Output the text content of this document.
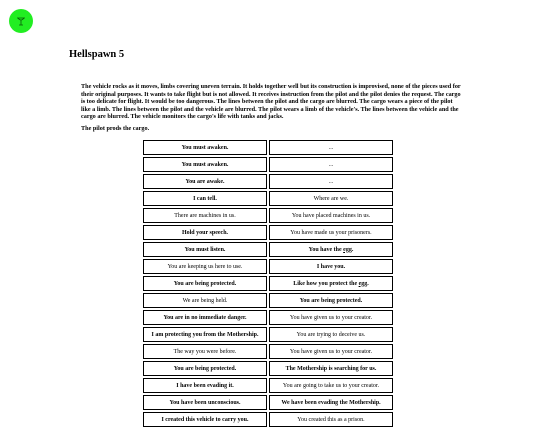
Hellspawn 5

The vehicle rocks as it moves, limbs covering uneven terrain. It holds together well but its construction is improvised, none of the pieces used for their original purposes. It wants to take flight but is not allowed. It receives instruction from the pilot and the pilot denies the request. The cargo is too delicate for flight. It would be too dangerous. The lines between the pilot and the cargo are blurred. The cargo wears a piece of the pilot like a limb. The lines between the pilot and the vehicle are blurred. The pilot wears a limb of the vehicle's. The lines between the vehicle and the cargo are blurred. The vehicle monitors the cargo's life with tanks and jacks.

The pilot prods the cargo.

You must awaken.	...
You must awaken.	...
You are awake.	...
I can tell.	Where are we.
There are machines in us.	You have placed machines in us.
Hold your speech.	You have made us your prisoners.
You must listen.	You have the egg.
You are keeping us here to use.	I have you.
You are being protected.	Like how you protect the egg.
We are being held.	You are being protected.
You are in no immediate danger.	You have given us to your creator.
I am protecting you from the Mothership.	You are trying to deceive us.
The way you were before.	You have given us to your creator.
You are being protected.	The Mothership is searching for us.
I have been evading it.	You are going to take us to your creator.
You have been unconscious.	We have been evading the Mothership.
I created this vehicle to carry you.	You created this as a prison.
